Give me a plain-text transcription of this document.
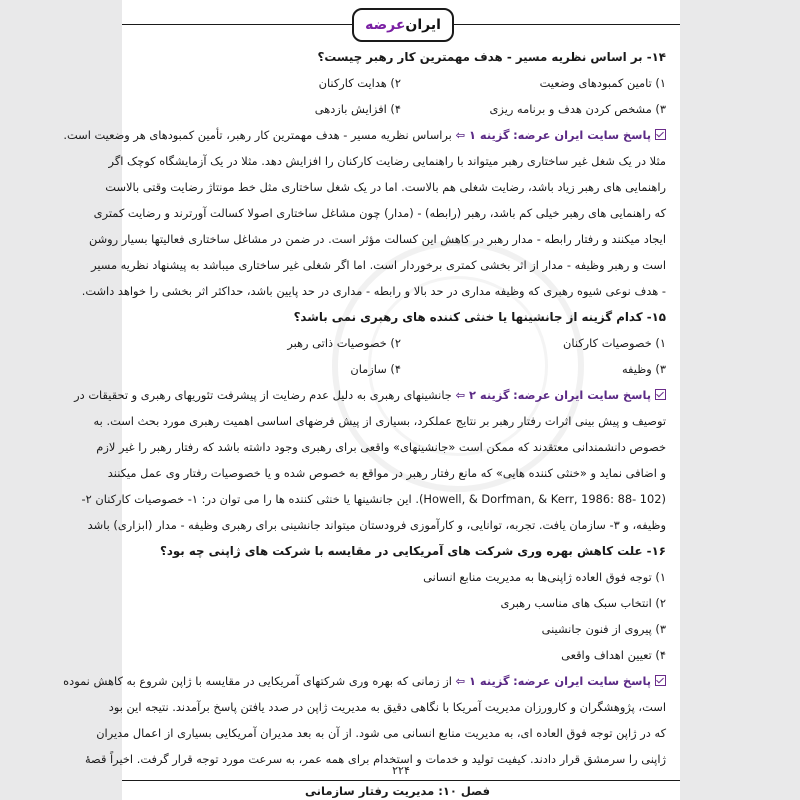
ایران
عرضه
۱۴- بر اساس نظریه مسیر - هدف مهمترین کار رهبر چیست؟
۱) تامین کمبودهای وضعیت
۲) هدایت کارکنان
۳) مشخص کردن هدف و برنامه ریزی
۴) افزایش بازدهی
پاسخ سایت ایران عرضه: گزینه ۱ ⇦ براساس نظریه مسیر - هدف مهمترین کار رهبر، تأمین کمبودهای هر وضعیت است.
مثلا در یک شغل غیر ساختاری رهبر میتواند با راهنمایی رضایت کارکنان را افزایش دهد. مثلا در یک آزمایشگاه کوچک اگر
راهنمایی های رهبر زیاد باشد، رضایت شغلی هم بالاست. اما در یک شغل ساختاری مثل خط مونتاژ رضایت وقتی بالاست
که راهنمایی های رهبر خیلی کم باشد، رهبر (رابطه) - (مدار) چون مشاغل ساختاری اصولا کسالت آورترند و رضایت کمتری
ایجاد میکنند و رفتار رابطه - مدار رهبر در کاهش این کسالت مؤثر است. در ضمن در مشاغل ساختاری فعالیتها بسیار روشن
است و رهبر وظیفه - مدار از اثر بخشی کمتری برخوردار است. اما اگر شغلی غیر ساختاری میباشد به پیشنهاد نظریه مسیر
- هدف نوعی شیوه رهبری که وظیفه مداری در حد بالا و رابطه - مداری در حد پایین باشد، حداکثر اثر بخشی را خواهد داشت.
۱۵- کدام گزینه از جانشینها یا خنثی کننده های رهبری نمی باشد؟
۱) خصوصیات کارکنان
۲) خصوصیات ذاتی رهبر
۳) وظیفه
۴) سازمان
پاسخ سایت ایران عرضه: گزینه ۲ ⇦ جانشینهای رهبری به دلیل عدم رضایت از پیشرفت تئوریهای رهبری و تحقیقات در
توصیف و پیش بینی اثرات رفتار رهبر بر نتایج عملکرد، بسیاری از پیش فرضهای اساسی اهمیت رهبری مورد بحث است. به
خصوص دانشمندانی معتقدند که ممکن است «جانشینهای» واقعی برای رهبری وجود داشته باشد که رفتار رهبر را غیر لازم
و اضافی نماید و «خنثی کننده هایی» که مانع رفتار رهبر در مواقع به خصوص شده و یا خصوصیات رفتار وی عمل میکنند
(Howell, & Dorfman, & Kerr, 1986: 88- 102). این جانشینها یا خنثی کننده ها را می توان در: ۱- خصوصیات کارکنان ۲-
وظیفه، و ۳- سازمان یافت. تجربه، توانایی، و کارآموزی فرودستان میتواند جانشینی برای رهبری وظیفه - مدار (ابزاری) باشد
۱۶- علت کاهش بهره وری شرکت های آمریکایی در مقایسه با شرکت های ژاپنی چه بود؟
۱) توجه فوق العاده ژاپنی‌ها به مدیریت منابع انسانی
۲) انتخاب سبک های مناسب رهبری
۳) پیروی از فنون جانشینی
۴) تعیین اهداف واقعی
پاسخ سایت ایران عرضه: گزینه ۱ ⇦ از زمانی که بهره وری شرکتهای آمریکایی در مقایسه با ژاپن شروع به کاهش نموده
است، پژوهشگران و کارورزان مدیریت آمریکا با نگاهی دقیق به مدیریت ژاپن در صدد یافتن پاسخ برآمدند. نتیجه این بود
که در ژاپن توجه فوق العاده ای، به مدیریت منابع انسانی می شود. از آن به بعد مدیران آمریکایی بسیاری از اعمال مدیران
ژاپنی را سرمشق قرار دادند. کیفیت تولید و خدمات و استخدام برای همه عمر، به سرعت مورد توجه قرار گرفت. اخیراً قصهٔ
۲۲۴
فصل ۱۰: مدیریت رفتار سازمانی
